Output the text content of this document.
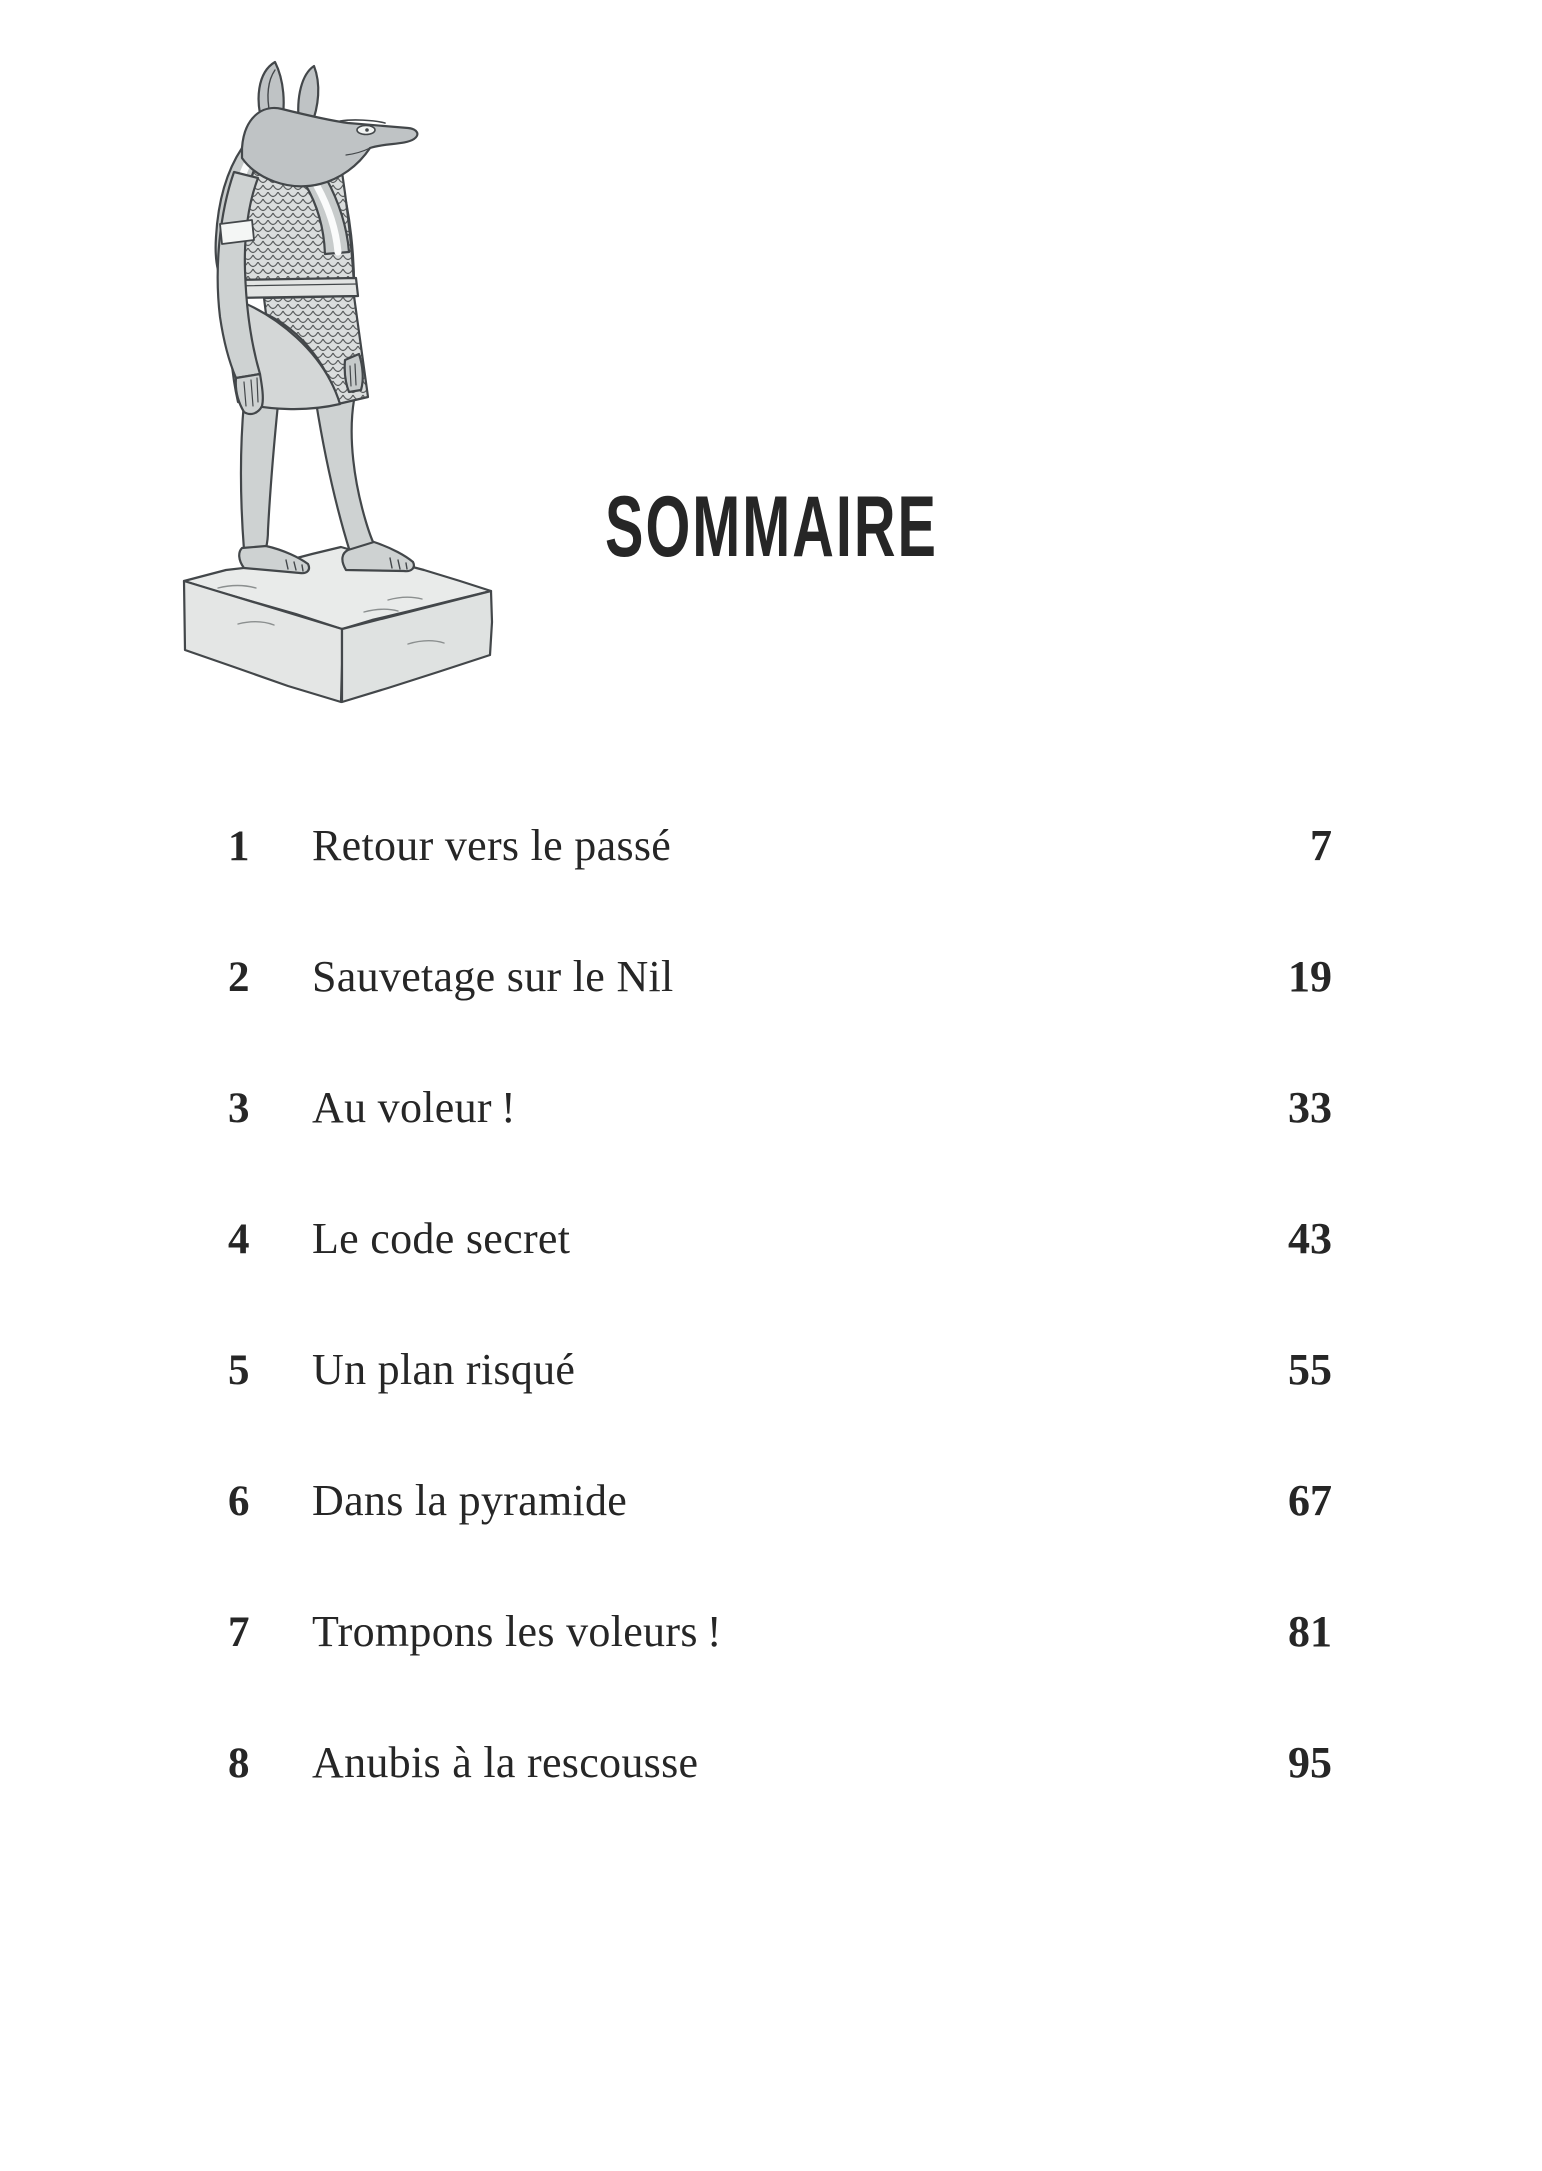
SOMMAIRE
1	Retour vers le passé	7
2	Sauvetage sur le Nil	19
3	Au voleur !	33
4	Le code secret	43
5	Un plan risqué	55
6	Dans la pyramide	67
7	Trompons les voleurs !	81
8	Anubis à la rescousse	95
